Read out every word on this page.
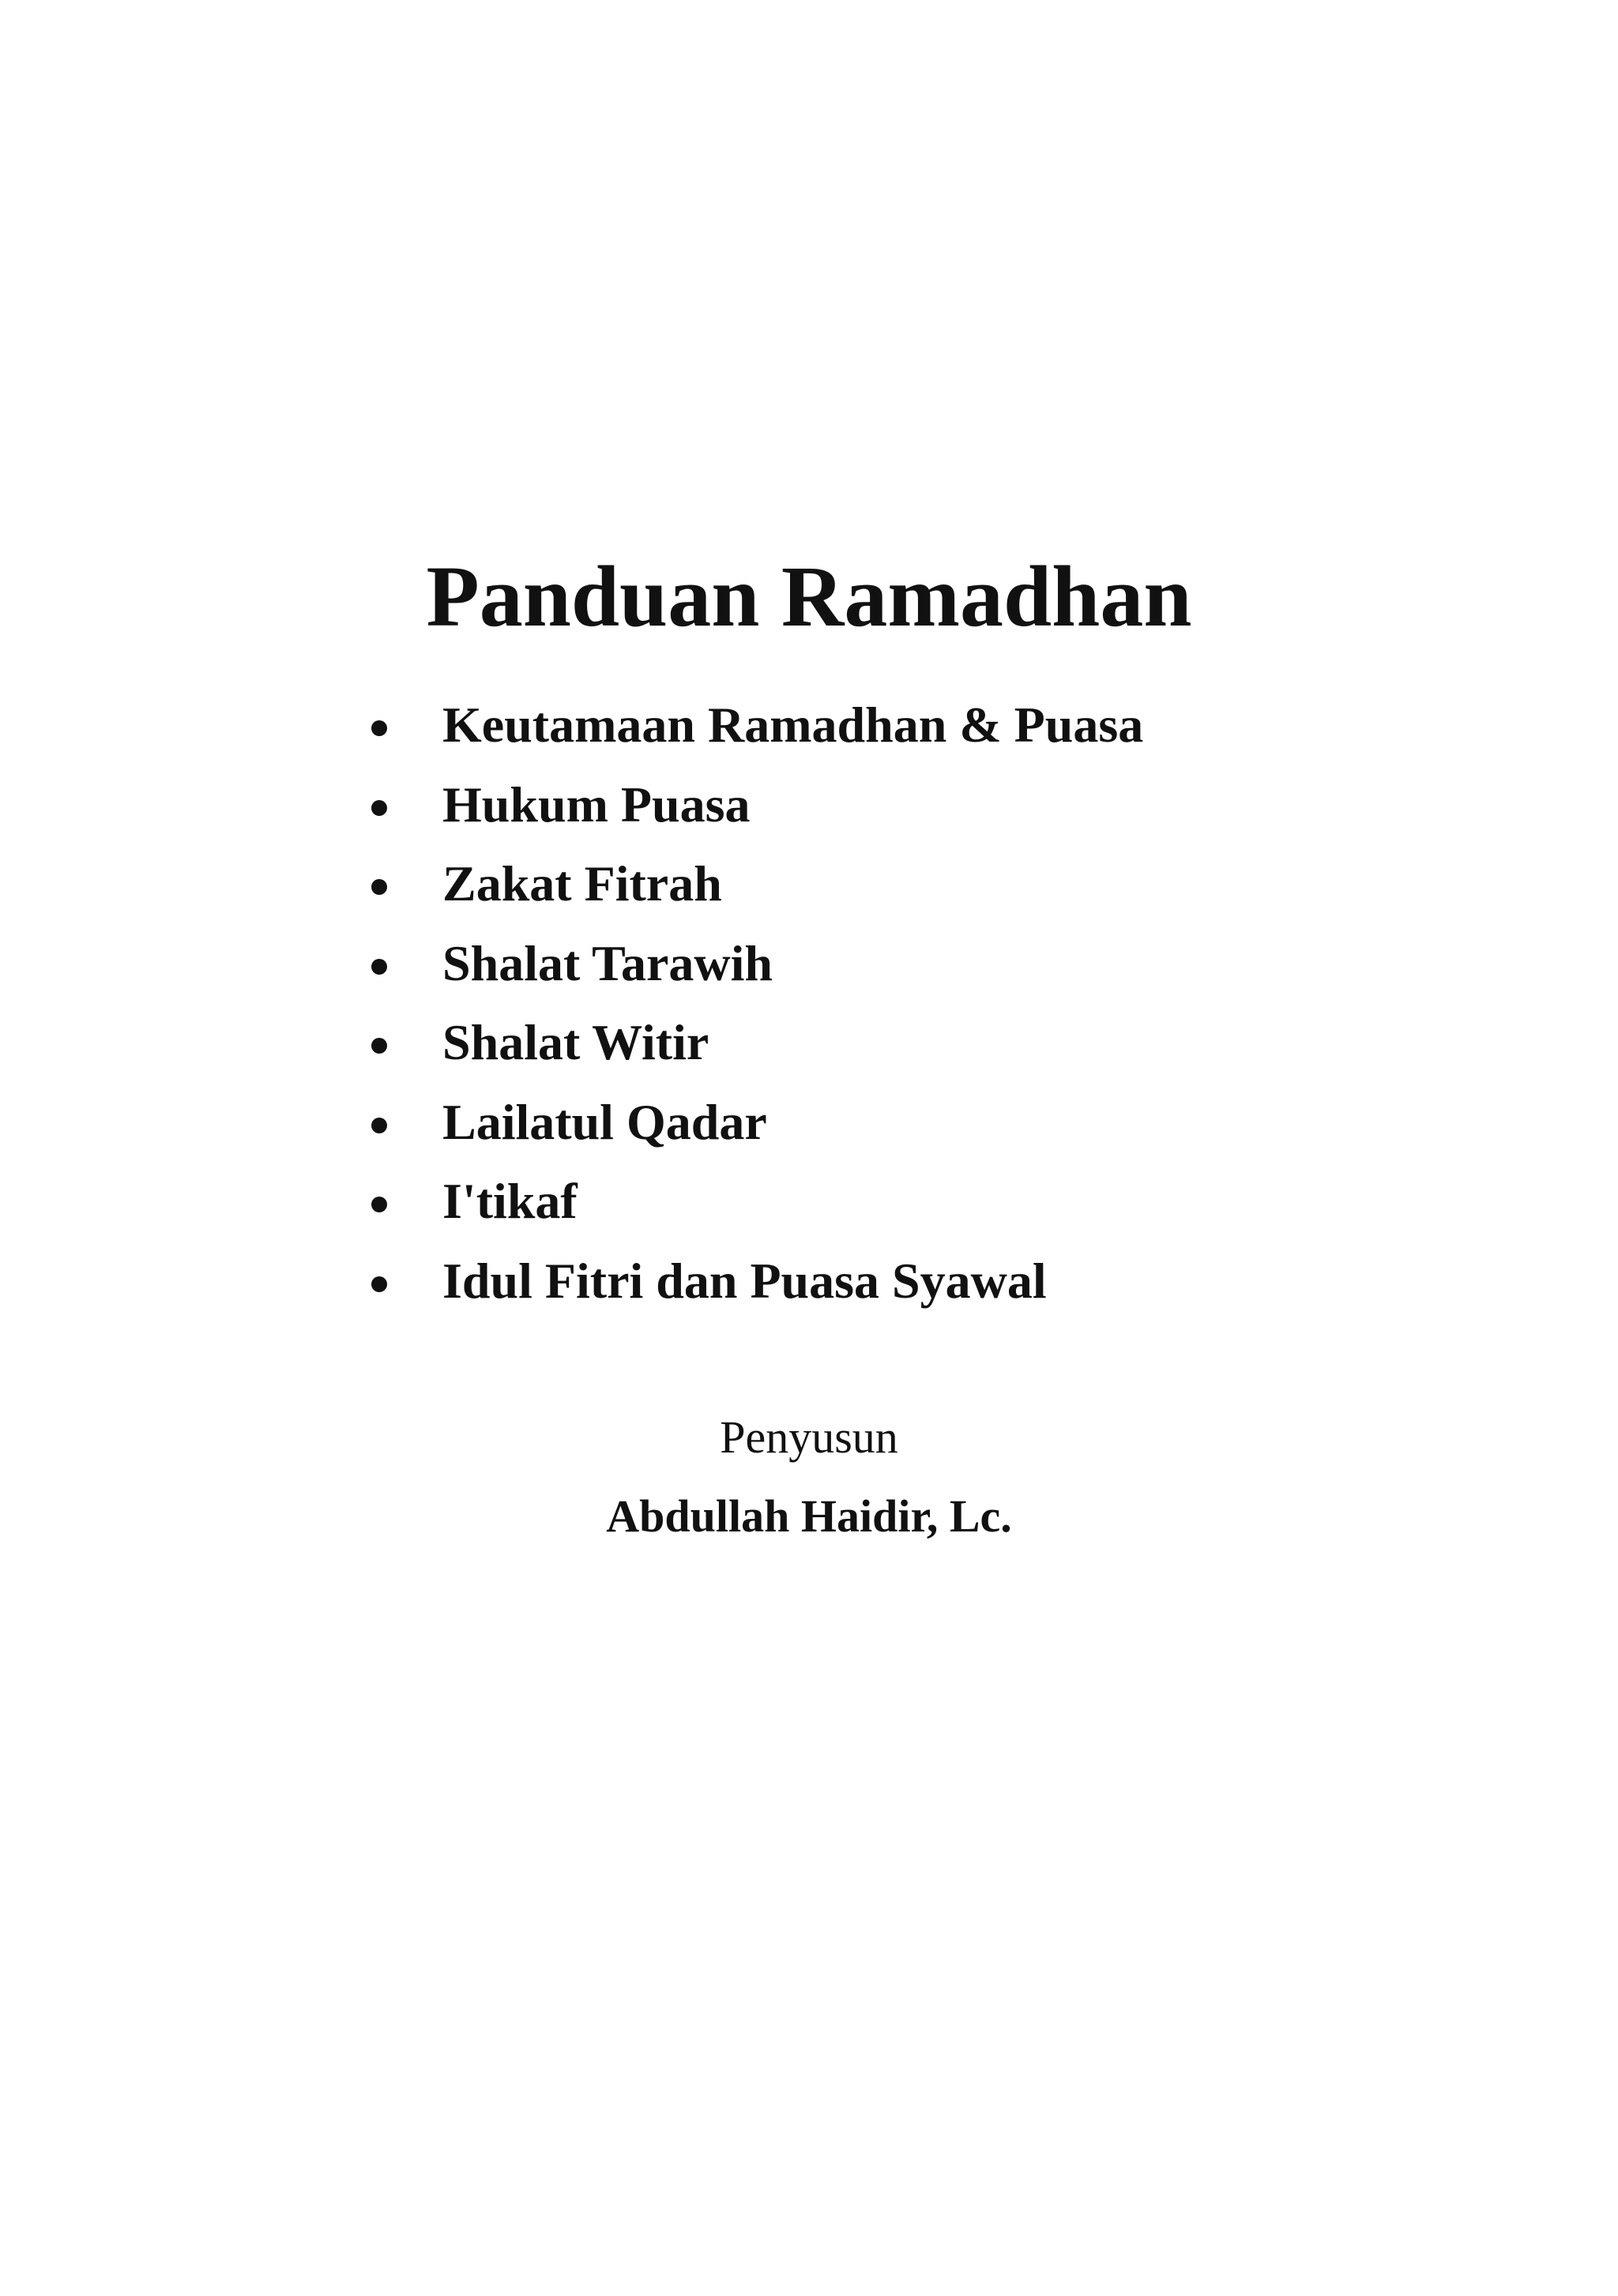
Panduan Ramadhan
Keutamaan Ramadhan & Puasa
Hukum Puasa
Zakat Fitrah
Shalat Tarawih
Shalat Witir
Lailatul Qadar
I'tikaf
Idul Fitri dan Puasa Syawal
Penyusun
Abdullah Haidir, Lc.
